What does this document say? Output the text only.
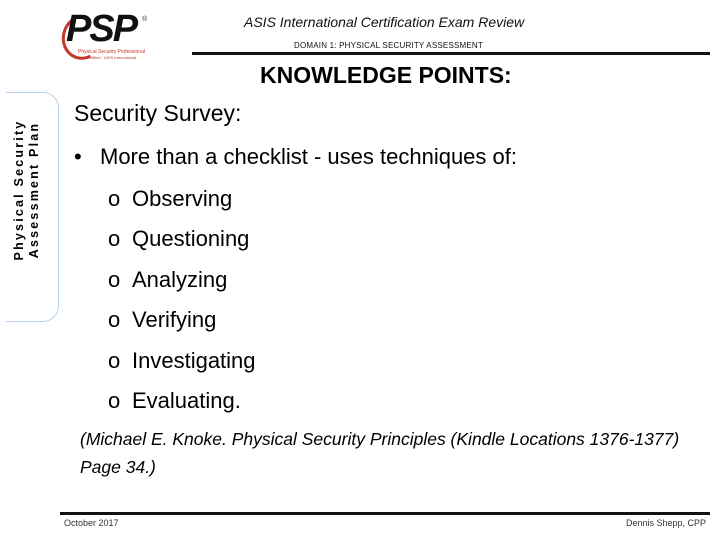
PSP ®
Physical Security Professional
Board Certified · ASIS International
ASIS International Certification Exam Review
DOMAIN 1: PHYSICAL SECURITY ASSESSMENT
Physical Security Assessment Plan
KNOWLEDGE POINTS:
Security Survey:
• More than a checklist - uses techniques of:
o Observing
o Questioning
o Analyzing
o Verifying
o Investigating
o Evaluating.
(Michael E. Knoke. Physical Security Principles (Kindle Locations 1376-1377) Page 34.)
October 2017	Dennis Shepp, CPP
